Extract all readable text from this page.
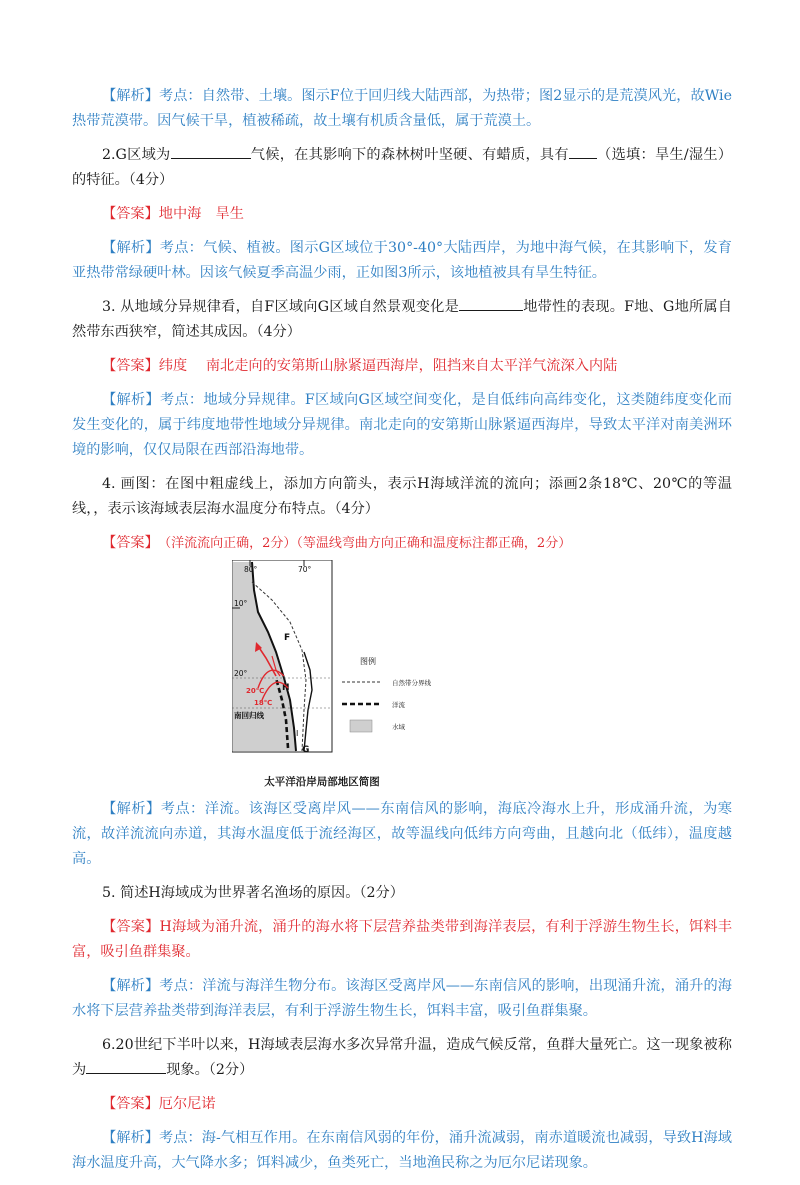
【解析】考点：自然带、土壤。图示F位于回归线大陆西部，为热带；图2显示的是荒漠风光，故Wie热带荒漠带。因气候干旱，植被稀疏，故土壤有机质含量低，属于荒漠土。

2.G区域为	气候，在其影响下的森林树叶坚硬、有蜡质，具有 （选填：旱生/湿生）的特征。（4分）

【答案】地中海　旱生

【解析】考点：气候、植被。图示G区域位于30°-40°大陆西岸，为地中海气候，在其影响下，发育亚热带常绿硬叶林。因该气候夏季高温少雨，正如图3所示，该地植被具有旱生特征。

3. 从地域分异规律看，自F区域向G区域自然景观变化是	地带性的表现。F地、G地所属自然带东西狭窄，简述其成因。（4分）

【答案】纬度　 南北走向的安第斯山脉紧逼西海岸，阻挡来自太平洋气流深入内陆

【解析】考点：地域分异规律。F区域向G区域空间变化，是自低纬向高纬变化，这类随纬度变化而发生变化的，属于纬度地带性地域分异规律。南北走向的安第斯山脉紧逼西海岸，导致太平洋对南美洲环境的影响，仅仅局限在西部沿海地带。

4. 画图：在图中粗虚线上，添加方向箭头，表示H海域洋流的流向；添画2条18℃、20℃的等温线，，表示该海域表层海水温度分布特点。（4分）

【答案】　（洋流流向正确，2分）（等温线弯曲方向正确和温度标注都正确，2分）

80°	70°
10°
20°
南回归线
F
H
I
G
20℃
18℃
图例
自然带分界线
洋流
水域
太平洋沿岸局部地区简图

【解析】考点：洋流。该海区受离岸风——东南信风的影响，海底冷海水上升，形成涌升流，为寒流，故洋流流向赤道，其海水温度低于流经海区，故等温线向低纬方向弯曲，且越向北（低纬），温度越高。

5. 简述H海域成为世界著名渔场的原因。（2分）

【答案】H海域为涌升流，涌升的海水将下层营养盐类带到海洋表层，有利于浮游生物生长，饵料丰富，吸引鱼群集聚。

【解析】考点：洋流与海洋生物分布。该海区受离岸风——东南信风的影响，出现涌升流，涌升的海水将下层营养盐类带到海洋表层，有利于浮游生物生长，饵料丰富，吸引鱼群集聚。

6.20世纪下半叶以来，H海域表层海水多次异常升温，造成气候反常，鱼群大量死亡。这一现象被称为	现象。（2分）

【答案】厄尔尼诺

【解析】考点：海-气相互作用。在东南信风弱的年份，涌升流减弱，南赤道暖流也减弱，导致H海域海水温度升高，大气降水多；饵料减少，鱼类死亡，当地渔民称之为厄尔尼诺现象。
